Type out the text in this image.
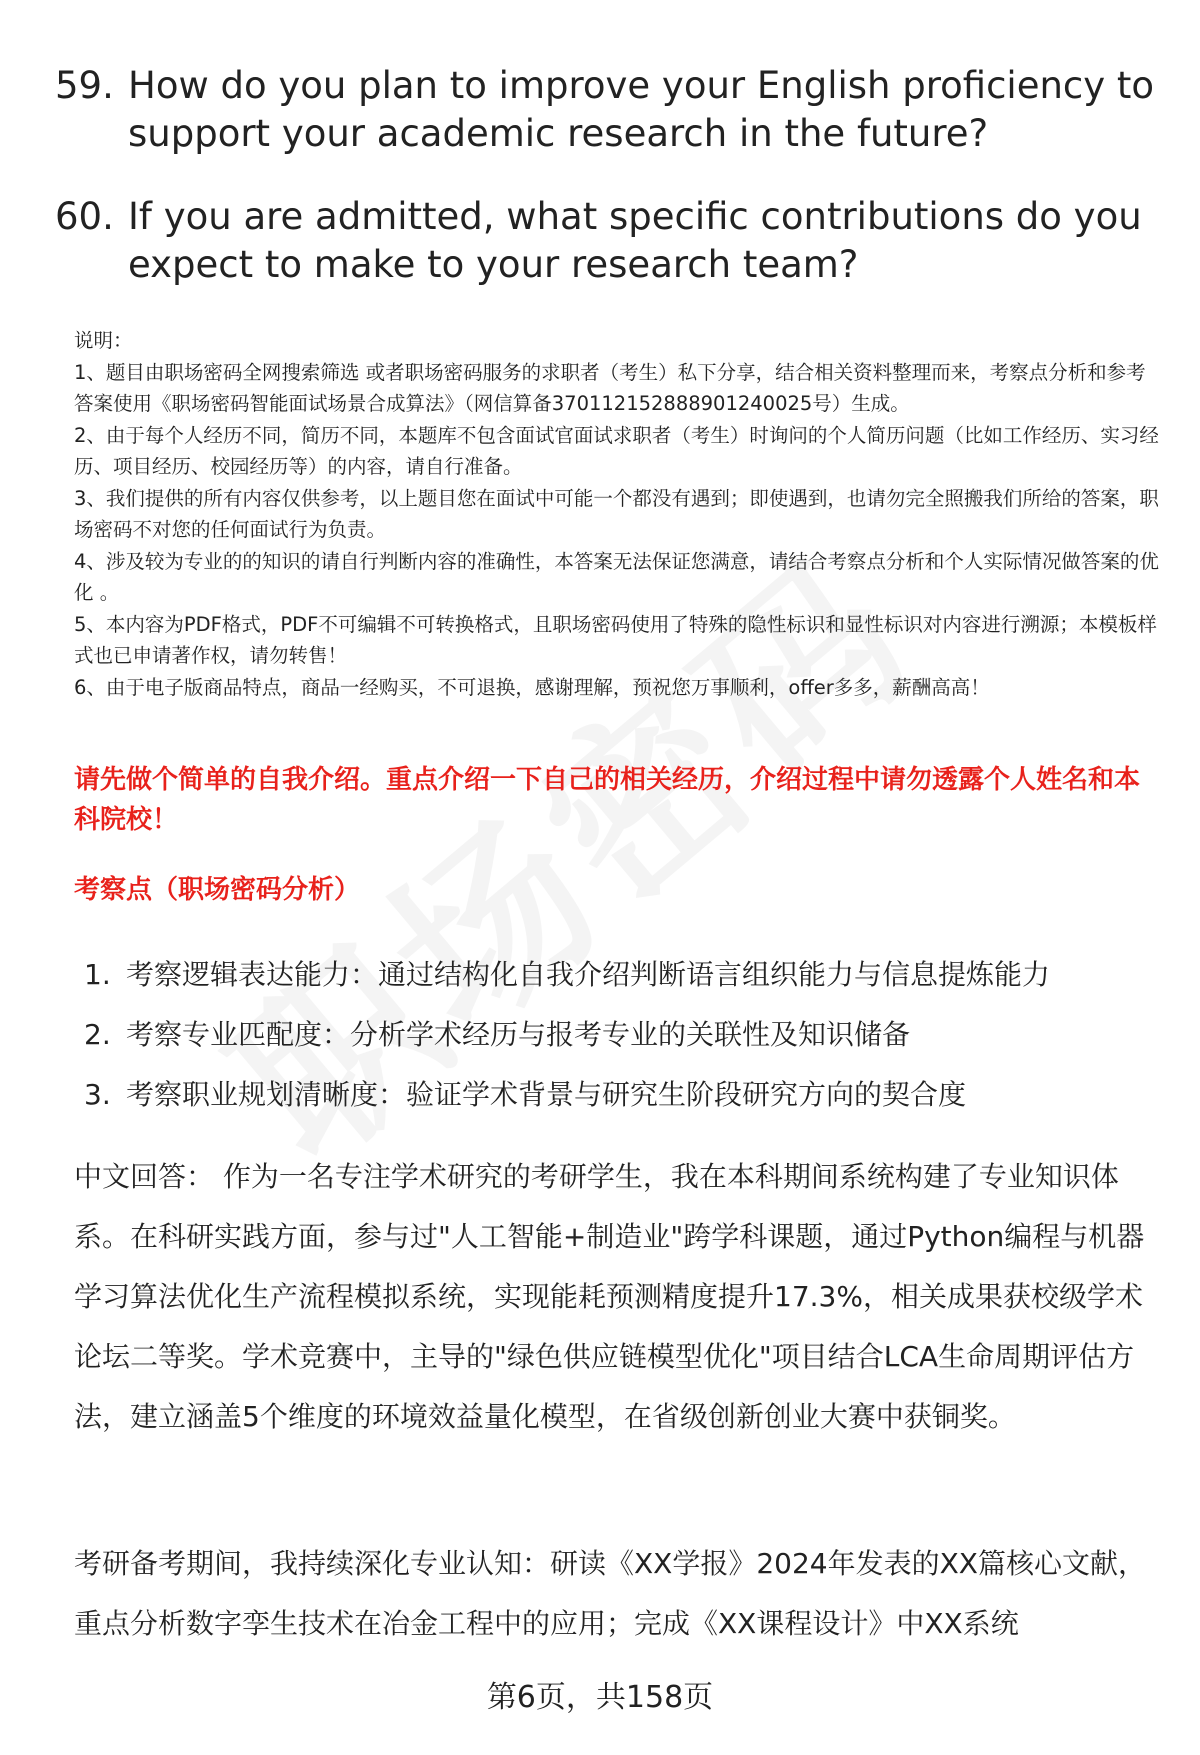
59. How do you plan to improve your English proficiency to support your academic research in the future?
60. If you are admitted, what specific contributions do you expect to make to your research team?
说明：
1、题目由职场密码全网搜索筛选 或者职场密码服务的求职者（考生）私下分享，结合相关资料整理而来，考察点分析和参考答案使用《职场密码智能面试场景合成算法》（网信算备370112152888901240025号）生成。
2、由于每个人经历不同，简历不同，本题库不包含面试官面试求职者（考生）时询问的个人简历问题（比如工作经历、实习经历、项目经历、校园经历等）的内容，请自行准备。
3、我们提供的所有内容仅供参考，以上题目您在面试中可能一个都没有遇到；即使遇到，也请勿完全照搬我们所给的答案，职场密码不对您的任何面试行为负责。
4、涉及较为专业的的知识的请自行判断内容的准确性，本答案无法保证您满意，请结合考察点分析和个人实际情况做答案的优化 。
5、本内容为PDF格式，PDF不可编辑不可转换格式，且职场密码使用了特殊的隐性标识和显性标识对内容进行溯源；本模板样式也已申请著作权，请勿转售！
6、由于电子版商品特点，商品一经购买，不可退换，感谢理解，预祝您万事顺利，offer多多，薪酬高高！
请先做个简单的自我介绍。重点介绍一下自己的相关经历，介绍过程中请勿透露个人姓名和本科院校！
考察点（职场密码分析）
1. 考察逻辑表达能力：通过结构化自我介绍判断语言组织能力与信息提炼能力
2. 考察专业匹配度：分析学术经历与报考专业的关联性及知识储备
3. 考察职业规划清晰度：验证学术背景与研究生阶段研究方向的契合度
中文回答： 作为一名专注学术研究的考研学生，我在本科期间系统构建了专业知识体系。在科研实践方面，参与过"人工智能+制造业"跨学科课题，通过Python编程与机器学习算法优化生产流程模拟系统，实现能耗预测精度提升17.3%，相关成果获校级学术论坛二等奖。学术竞赛中，主导的"绿色供应链模型优化"项目结合LCA生命周期评估方法，建立涵盖5个维度的环境效益量化模型，在省级创新创业大赛中获铜奖。
考研备考期间，我持续深化专业认知：研读《XX学报》2024年发表的XX篇核心文献，重点分析数字孪生技术在冶金工程中的应用；完成《XX课程设计》中XX系统
第6页，共158页
